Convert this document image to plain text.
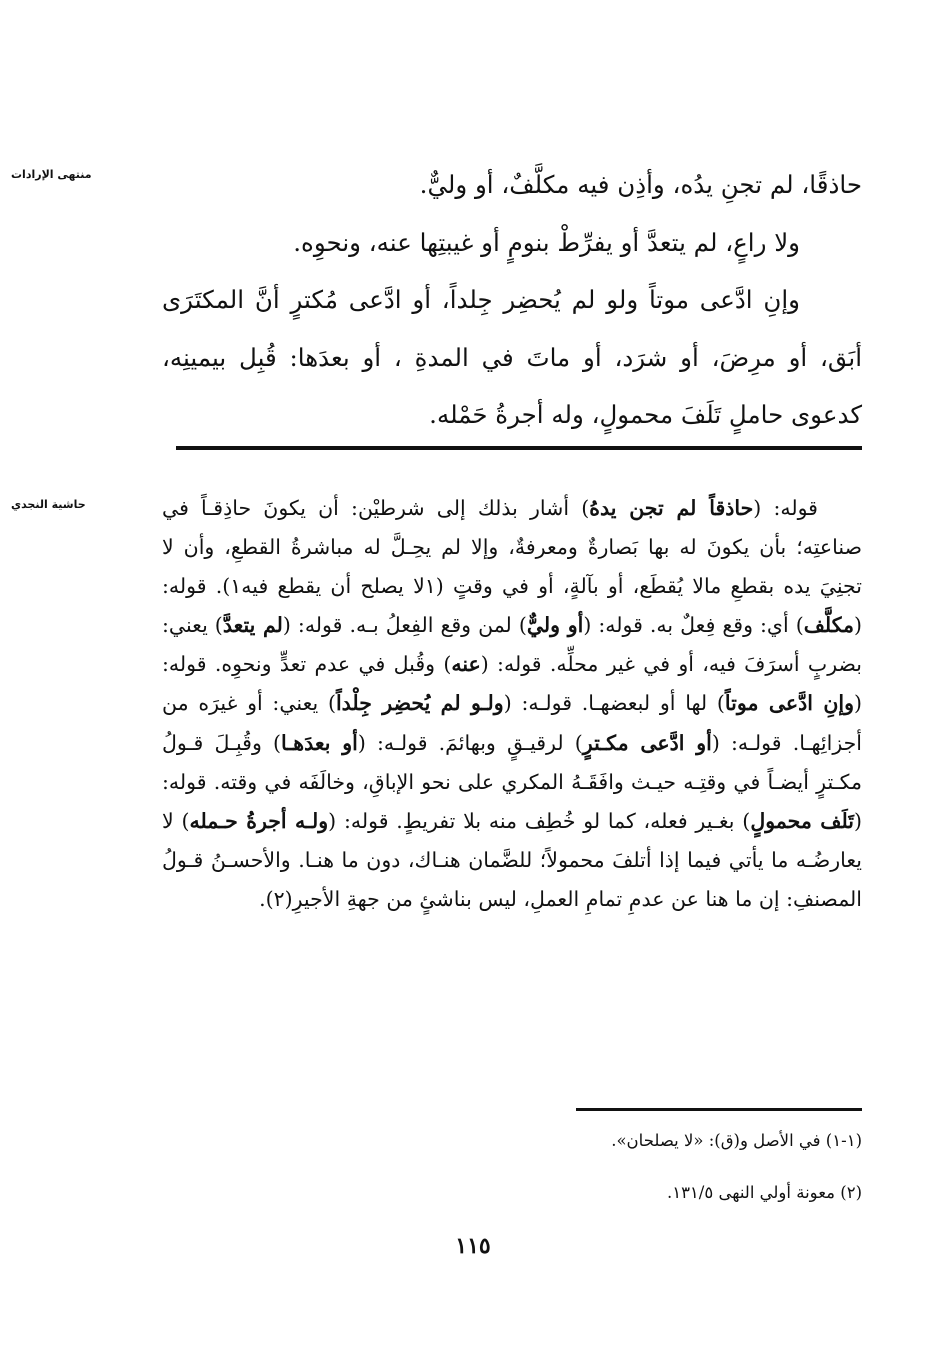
منتهى الإرادات	حاذقًا، لم تجنِ يدُه، وأذِن فيه مكلَّفٌ، أو وليٌّ.

ولا راعٍ، لم يتعدَّ أو يفرِّطْ بنومٍ أو غيبتِها عنه، ونحوِه.

وإنِ ادَّعى موتاً ولو لم يُحضِر جِلداً، أو ادَّعى مُكترٍ أنَّ المكتَرَى أبَق، أو مرِضَ، أو شرَد، أو ماتَ في المدةِ ، أو بعدَها: قُبِل بيمينِه، كدعوى حاملٍ تَلَفَ محمولٍ، وله أجرةُ حَمْله.

حاشية النجدي	قوله: (حاذقاً لم تجن يدهُ) أشار بذلك إلى شرطيْن: أن يكونَ حاذِقـاً في صناعتِه؛ بأن يكونَ له بها بَصارةٌ ومعرفةٌ، وإلا لم يحِـلَّ له مباشرةُ القطعِ، وأن لا تجنِيَ يده بقطعِ مالا يُقطَع، أو بآلةٍ، أو في وقتٍ (١لا يصلح أن يقطع فيه١). قوله: (مكلَّف) أي: وقع فِعلٌ به. قوله: (أو وليٌّ) لمن وقع الفِعلُ بـه. قوله: (لم يتعدَّ) يعني: بضربٍ أسرَفَ فيه، أو في غير محلِّه. قوله: (عنه) وقُبل في عدم تعدٍّ ونحوِه. قوله: (وإنِ ادَّعى موتاً) لها أو لبعضهـا. قولـه: (ولـو لم يُحضِر جِلْداً) يعني: أو غيرَه من أجزائِهـا. قولـه: (أو ادَّعى مكـترٍ) لرقيـقٍ وبهائمَ. قولـه: (أو بعدَهـا) وقُبِـلَ قـولُ مكـترٍ أيضـاً في وقتِـه حيـث وافَقَـهُ المكري على نحو الإباقِ، وخالَفَه في وقته. قوله: (تَلَف محمولٍ) بغـير فعله، كما لو خُطِف منه بلا تفريطٍ. قوله: (ولـه أجرةُ حـمله) لا يعارضُـه ما يأتي فيما إذا أتلفَ محمولاً؛ للضَّمان هنـاك، دون ما هنـا. والأحسـنُ قـولُ المصنفِ: إن ما هنا عن عدمِ تمامِ العملِ، ليس بناشئٍ من جهةِ الأجيرِ(٢).
(١-١) في الأصل و(ق): «لا يصلحان».
(٢) معونة أولي النهى ١٣١/٥.
١١٥
